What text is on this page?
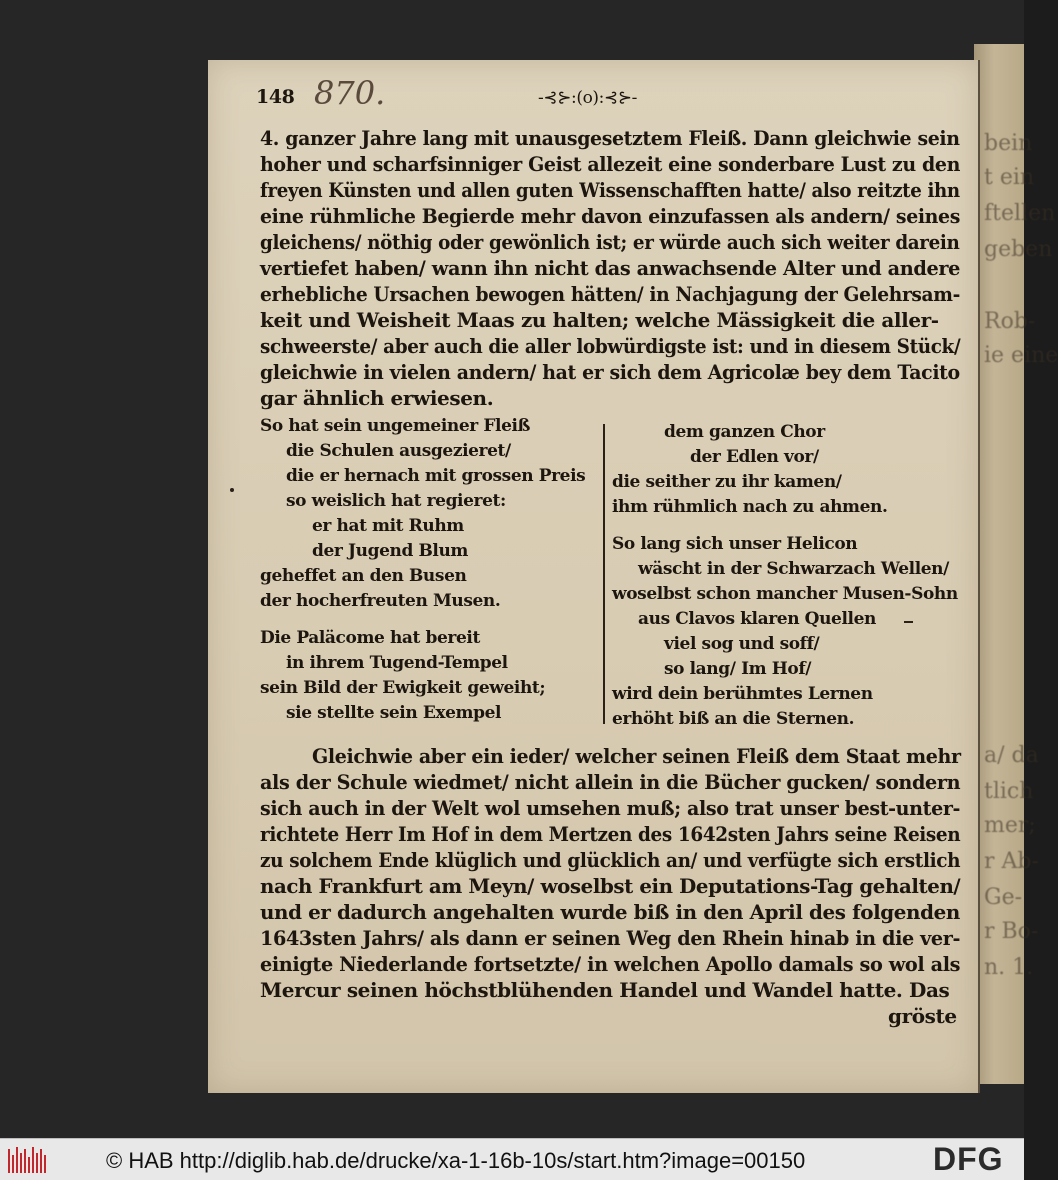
bein
t ein
ftellen
geben
Rob-
ie eine
a/ da
tlich
mer;
r Ab-
Ge-
r Bo-
n. 1.
148 870.	-⊰⊱:(o):⊰⊱-
4. ganzer Jahre lang mit unausgesetztem Fleiß. Dann gleichwie sein
hoher und scharfsinniger Geist allezeit eine sonderbare Lust zu den
freyen Künsten und allen guten Wissenschafften hatte/ also reitzte ihn
eine rühmliche Begierde mehr davon einzufassen als andern/ seines
gleichens/ nöthig oder gewönlich ist; er würde auch sich weiter darein
vertiefet haben/ wann ihn nicht das anwachsende Alter und andere
erhebliche Ursachen bewogen hätten/ in Nachjagung der Gelehrsam-
keit und Weisheit Maas zu halten; welche Mässigkeit die aller-
schweerste/ aber auch die aller lobwürdigste ist: und in diesem Stück/
gleichwie in vielen andern/ hat er sich dem Agricolæ bey dem Tacito
gar ähnlich erwiesen.
So hat sein ungemeiner Fleiß
die Schulen ausgezieret/
die er hernach mit grossen Preis
so weislich hat regieret:
er hat mit Ruhm
der Jugend Blum
geheffet an den Busen
der hocherfreuten Musen.
Die Paläcome hat bereit
in ihrem Tugend-Tempel
sein Bild der Ewigkeit geweiht;
sie stellte sein Exempel
dem ganzen Chor
der Edlen vor/
die seither zu ihr kamen/
ihm rühmlich nach zu ahmen.
So lang sich unser Helicon
wäscht in der Schwarzach Wellen/
woselbst schon mancher Musen-Sohn
aus Clavos klaren Quellen
viel sog und soff/
so lang/ Im Hof/
wird dein berühmtes Lernen
erhöht biß an die Sternen.
Gleichwie aber ein ieder/ welcher seinen Fleiß dem Staat mehr
als der Schule wiedmet/ nicht allein in die Bücher gucken/ sondern
sich auch in der Welt wol umsehen muß; also trat unser best-unter-
richtete Herr Im Hof in dem Mertzen des 1642sten Jahrs seine Reisen
zu solchem Ende klüglich und glücklich an/ und verfügte sich erstlich
nach Frankfurt am Meyn/ woselbst ein Deputations-Tag gehalten/
und er dadurch angehalten wurde biß in den April des folgenden
1643sten Jahrs/ als dann er seinen Weg den Rhein hinab in die ver-
einigte Niederlande fortsetzte/ in welchen Apollo damals so wol als
Mercur seinen höchstblühenden Handel und Wandel hatte. Das
gröste
© HAB http://diglib.hab.de/drucke/xa-1-16b-10s/start.htm?image=00150	DFG
